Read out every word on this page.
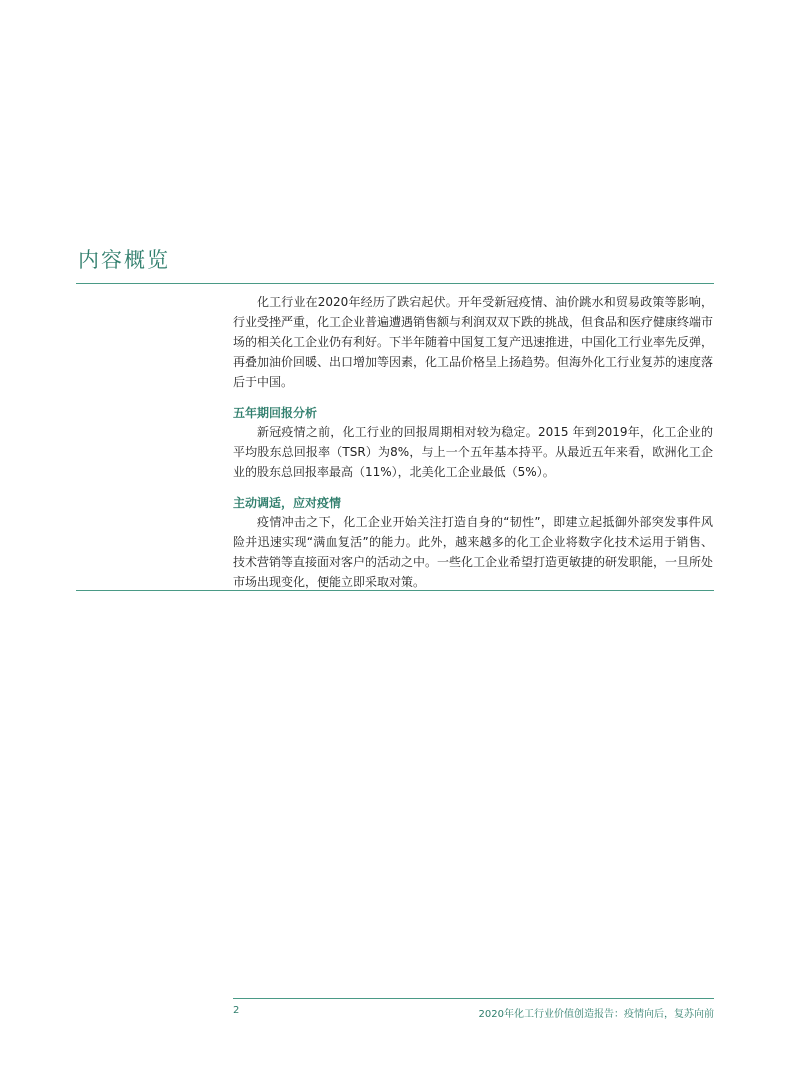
内容概览

化工行业在2020年经历了跌宕起伏。开年受新冠疫情、油价跳水和贸易政策等影响，行业受挫严重，化工企业普遍遭遇销售额与利润双双下跌的挑战，但食品和医疗健康终端市场的相关化工企业仍有利好。下半年随着中国复工复产迅速推进，中国化工行业率先反弹，再叠加油价回暖、出口增加等因素，化工品价格呈上扬趋势。但海外化工行业复苏的速度落后于中国。

五年期回报分析

新冠疫情之前，化工行业的回报周期相对较为稳定。2015 年到2019年，化工企业的平均股东总回报率（TSR）为8%，与上一个五年基本持平。从最近五年来看，欧洲化工企业的股东总回报率最高（11%），北美化工企业最低（5%）。

主动调适，应对疫情

疫情冲击之下，化工企业开始关注打造自身的“韧性”，即建立起抵御外部突发事件风险并迅速实现“满血复活”的能力。此外，越来越多的化工企业将数字化技术运用于销售、技术营销等直接面对客户的活动之中。一些化工企业希望打造更敏捷的研发职能，一旦所处市场出现变化，便能立即采取对策。

2	2020年化工行业价值创造报告：疫情向后，复苏向前
